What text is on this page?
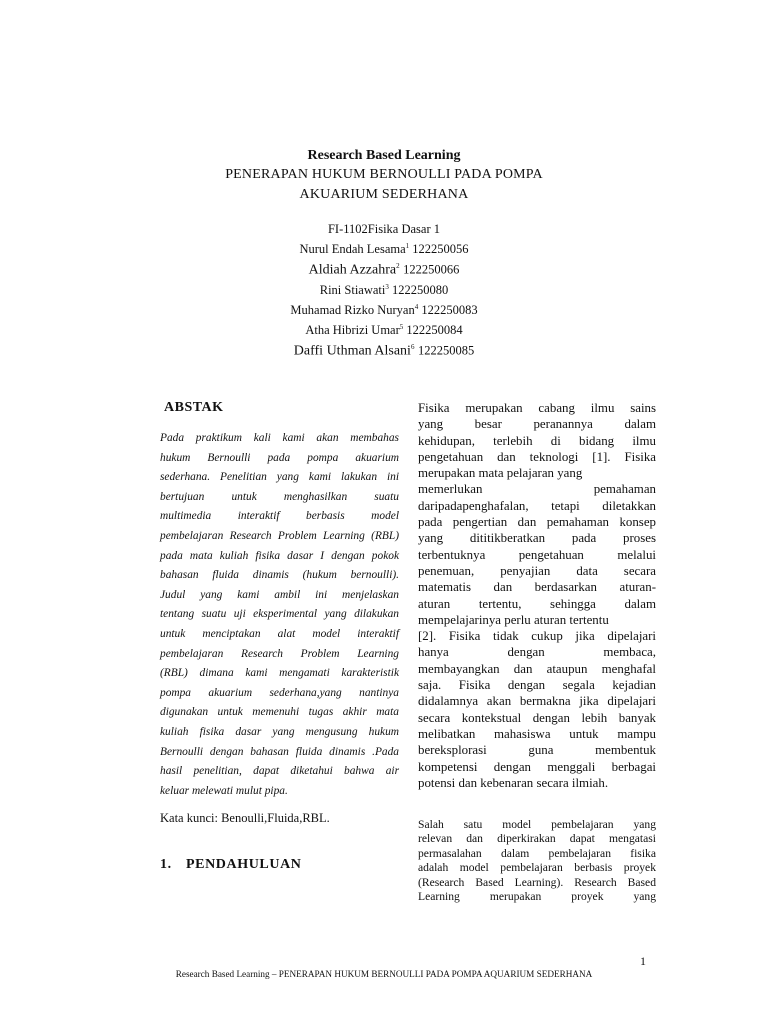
Research Based Learning
PENERAPAN HUKUM BERNOULLI PADA POMPA
AKUARIUM SEDERHANA
FI-1102Fisika Dasar 1
Nurul Endah Lesama$^1$ 122250056
Aldiah Azzahra$^2$ 122250066
Rini Stiawati$^3$ 122250080
Muhamad Rizko Nuryan$^4$ 122250083
Atha Hibrizi Umar$^5$ 122250084
Daffi Uthman Alsani$^6$ 122250085
ABSTAK
Pada praktikum kali kami akan membahas
hukum Bernoulli pada pompa akuarium
sederhana. Penelitian yang kami lakukan ini
bertujuan untuk menghasilkan suatu
multimedia interaktif berbasis model
pembelajaran Research Problem Learning (RBL)
pada mata kuliah fisika dasar I dengan pokok
bahasan fluida dinamis (hukum bernoulli).
Judul yang kami ambil ini menjelaskan
tentang suatu uji eksperimental yang dilakukan
untuk menciptakan alat model interaktif
pembelajaran Research Problem Learning
(RBL) dimana kami mengamati karakteristik
pompa akuarium sederhana,yang nantinya
digunakan untuk memenuhi tugas akhir mata
kuliah fisika dasar yang mengusung hukum
Bernoulli dengan bahasan fluida dinamis .Pada
hasil penelitian, dapat diketahui bahwa air
keluar melewati mulut pipa.
Kata kunci: Benoulli,Fluida,RBL.
1. PENDAHULUAN
Fisika merupakan cabang ilmu sains
yang besar peranannya dalam
kehidupan, terlebih di bidang ilmu
pengetahuan dan teknologi [1]. Fisika
merupakan mata pelajaran yang
memerlukan pemahaman
daripadapenghafalan, tetapi diletakkan
pada pengertian dan pemahaman konsep
yang dititikberatkan pada proses
terbentuknya pengetahuan melalui
penemuan, penyajian data secara
matematis dan berdasarkan aturan-
aturan tertentu, sehingga dalam
mempelajarinya perlu aturan tertentu
[2]. Fisika tidak cukup jika dipelajari
hanya dengan membaca,
membayangkan dan ataupun menghafal
saja. Fisika dengan segala kejadian
didalamnya akan bermakna jika dipelajari
secara kontekstual dengan lebih banyak
melibatkan mahasiswa untuk mampu
bereksplorasi guna membentuk
kompetensi dengan menggali berbagai
potensi dan kebenaran secara ilmiah.
Salah satu model pembelajaran yang
relevan dan diperkirakan dapat mengatasi
permasalahan dalam pembelajaran fisika
adalah model pembelajaran berbasis proyek
(Research Based Learning). Research Based
Learning merupakan proyek yang
1
Research Based Learning – PENERAPAN HUKUM BERNOULLI PADA POMPA AQUARIUM SEDERHANA
